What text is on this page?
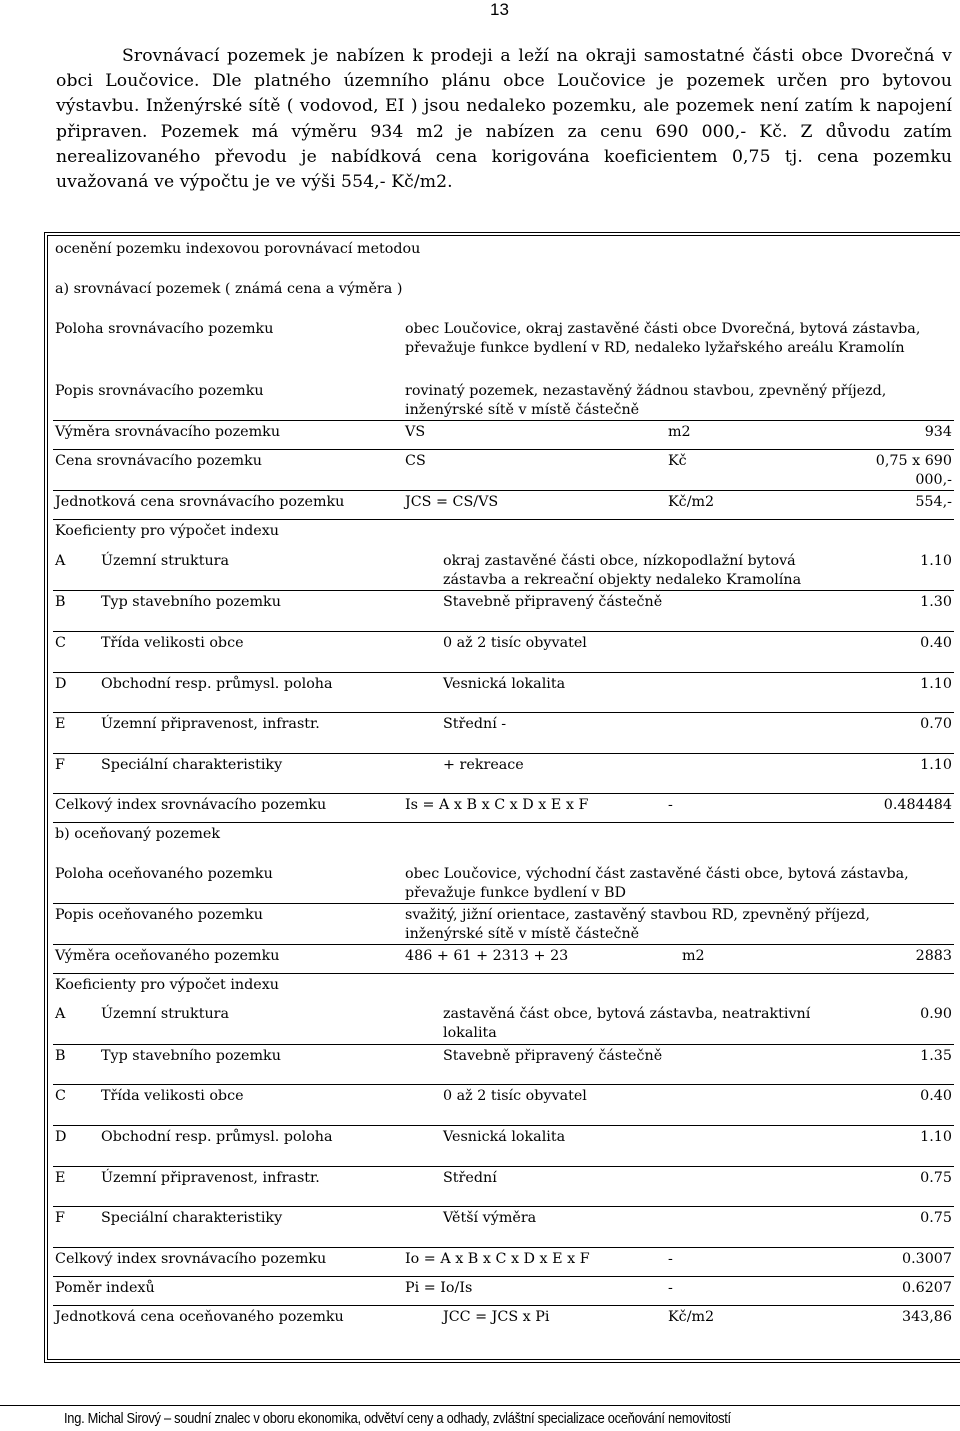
13

Srovnávací pozemek je nabízen k prodeji a leží na okraji samostatné části obce Dvorečná v obci Loučovice. Dle platného územního plánu obce Loučovice je pozemek určen pro bytovou výstavbu. Inženýrské sítě ( vodovod, EI ) jsou nedaleko pozemku, ale pozemek není zatím k napojení připraven. Pozemek má výměru 934 m2 je nabízen za cenu 690 000,- Kč. Z důvodu zatím nerealizovaného převodu je nabídková cena korigována koeficientem 0,75 tj. cena pozemku uvažovaná ve výpočtu je ve výši 554,- Kč/m2.

ocenění pozemku indexovou porovnávací metodou					
a) srovnávací pozemek ( známá cena a výměra )					
Poloha srovnávacího pozemku		obec Loučovice, okraj zastavěné části obce Dvorečná, bytová zástavba, převažuje funkce bydlení v RD, nedaleko lyžařského areálu Kramolín			
Popis srovnávacího pozemku		rovinatý pozemek, nezastavěný žádnou stavbou, zpevněný příjezd, inženýrské sítě v místě částečně			
Výměra srovnávacího pozemku		VS		m2	934
Cena srovnávacího pozemku		CS		Kč	0,75 x 690 000,-
Jednotková cena srovnávacího pozemku		JCS = CS/VS		Kč/m2	554,-
Koeficienty pro výpočet indexu					
A	Územní struktura		okraj zastavěné části obce, nízkopodlažní bytová zástavba a rekreační objekty nedaleko Kramolína		1.10
B	Typ stavebního pozemku		Stavebně připravený částečně		1.30
C	Třída velikosti obce		0 až 2 tisíc obyvatel		0.40
D	Obchodní resp. průmysl. poloha		Vesnická lokalita		1.10
E	Územní připravenost, infrastr.		Střední -		0.70
F	Speciální charakteristiky		+ rekreace		1.10
Celkový index srovnávacího pozemku		Is = A x B x C x D x E x F		-	0.484484
b) oceňovaný pozemek					
Poloha oceňovaného pozemku		obec Loučovice, východní část zastavěné části obce, bytová zástavba, převažuje funkce bydlení v BD			
Popis oceňovaného pozemku		svažitý, jižní orientace, zastavěný stavbou RD, zpevněný příjezd, inženýrské sítě v místě částečně			
Výměra oceňovaného pozemku		486 + 61 + 2313 + 23		m2	2883
Koeficienty pro výpočet indexu					
A	Územní struktura		zastavěná část obce, bytová zástavba, neatraktivní lokalita		0.90
B	Typ stavebního pozemku		Stavebně připravený částečně		1.35
C	Třída velikosti obce		0 až 2 tisíc obyvatel		0.40
D	Obchodní resp. průmysl. poloha		Vesnická lokalita		1.10
E	Územní připravenost, infrastr.		Střední		0.75
F	Speciální charakteristiky		Větší výměra		0.75
Celkový index srovnávacího pozemku		Io = A x B x C x D x E x F		-	0.3007
Poměr indexů		Pi = Io/Is		-	0.6207
Jednotková cena oceňovaného pozemku			JCC = JCS x Pi	Kč/m2	343,86
Ing. Michal Sirový – soudní znalec v oboru ekonomika, odvětví ceny a odhady, zvláštní specializace oceňování nemovitostí
